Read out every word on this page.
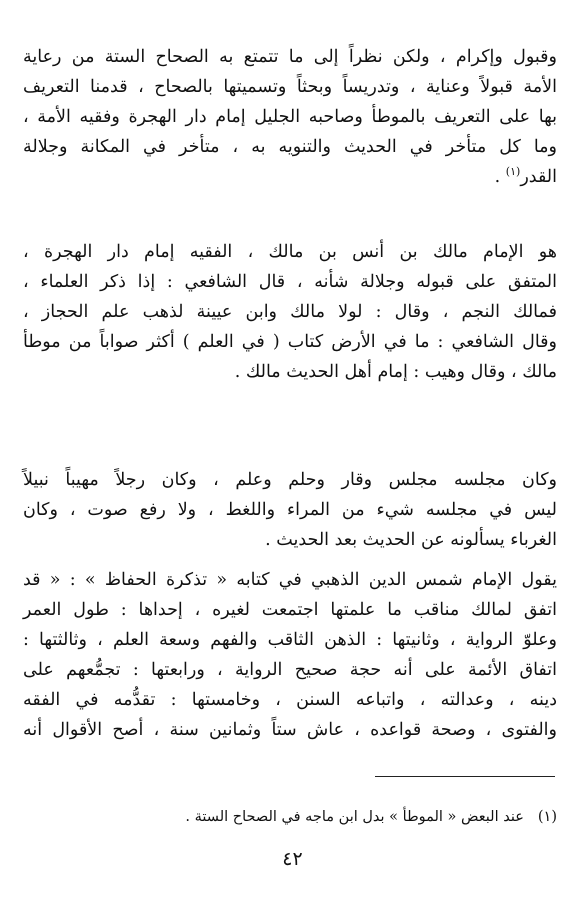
وقبول وإكرام ، ولكن نظراً إلى ما تتمتع به الصحاح الستة من رعاية
الأمة قبولاً وعناية ، وتدريساً وبحثاً وتسميتها بالصحاح ، قدمنا التعريف
بها على التعريف بالموطأ وصاحبه الجليل إمام دار الهجرة وفقيه الأمة ،
وما كل متأخر في الحديث والتنويه به ، متأخر في المكانة وجلالة
القدر$^{(١)}$ .
هو الإمام مالك بن أنس بن مالك ، الفقيه إمام دار الهجرة ،
المتفق على قبوله وجلالة شأنه ، قال الشافعي : إذا ذكر العلماء ،
فمالك النجم ، وقال : لولا مالك وابن عيينة لذهب علم الحجاز ،
وقال الشافعي : ما في الأرض كتاب ( في العلم ) أكثر صواباً من موطأ
مالك ، وقال وهيب : إمام أهل الحديث مالك .
وكان مجلسه مجلس وقار وحلم وعلم ، وكان رجلاً مهيباً نبيلاً
ليس في مجلسه شيء من المراء واللغط ، ولا رفع صوت ، وكان
الغرباء يسألونه عن الحديث بعد الحديث .
يقول الإمام شمس الدين الذهبي في كتابه « تذكرة الحفاظ » : « قد
اتفق لمالك مناقب ما علمتها اجتمعت لغيره ، إحداها : طول العمر
وعلوّ الرواية ، وثانيتها : الذهن الثاقب والفهم وسعة العلم ، وثالثتها :
اتفاق الأئمة على أنه حجة صحيح الرواية ، ورابعتها : تجمُّعهم على
دينه ، وعدالته ، واتباعه السنن ، وخامستها : تقدُّمه في الفقه
والفتوى ، وصحة قواعده ، عاش ستاً وثمانين سنة ، أصح الأقوال أنه
(١)عند البعض « الموطأ » بدل ابن ماجه في الصحاح الستة .
٤٢
